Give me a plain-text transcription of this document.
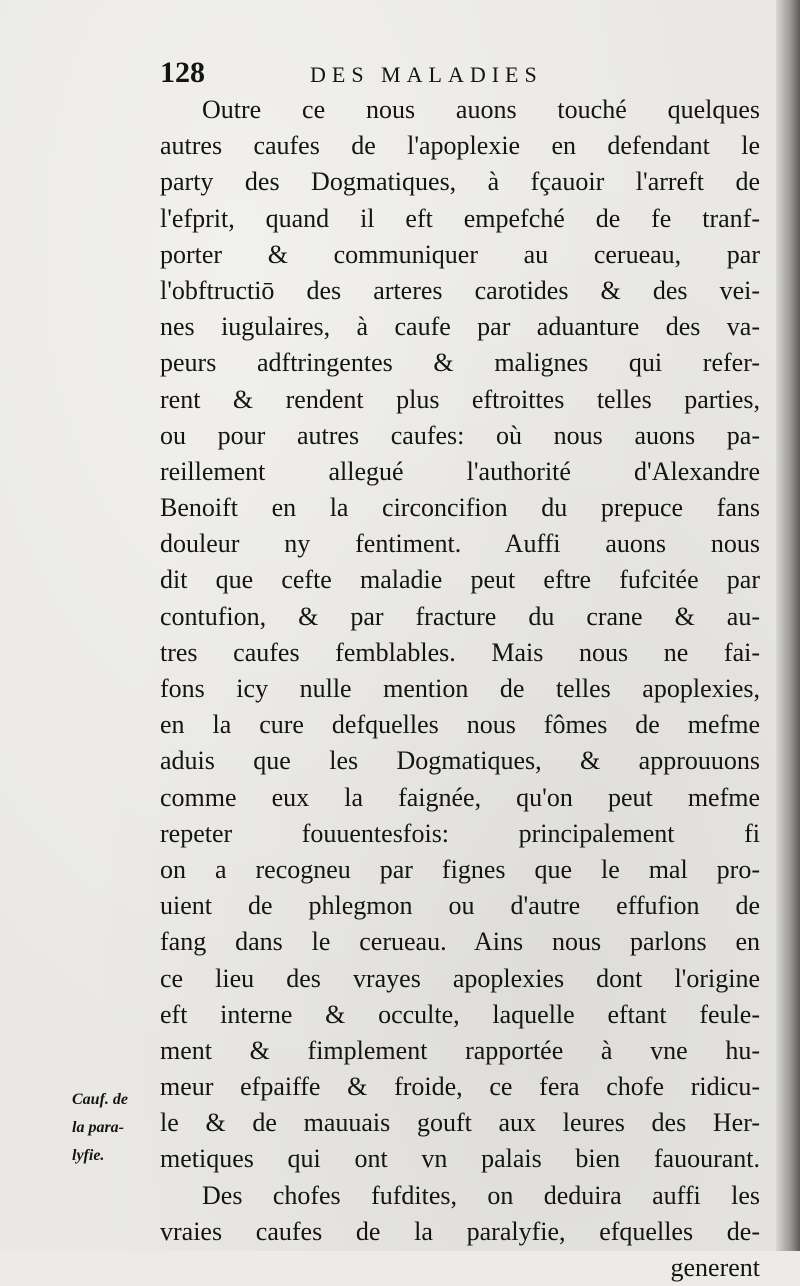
128	DES MALADIES
Outre ce nous auons touché quelques
autres caufes de l'apoplexie en defendant le
party des Dogmatiques, à fçauoir l'arreft de
l'efprit, quand il eft empefché de fe tranf-
porter & communiquer au cerueau, par
l'obftructiō des arteres carotides & des vei-
nes iugulaires, à caufe par aduanture des va-
peurs adftringentes & malignes qui refer-
rent & rendent plus eftroittes telles parties,
ou pour autres caufes: où nous auons pa-
reillement allegué l'authorité d'Alexandre
Benoift en la circoncifion du prepuce fans
douleur ny fentiment. Auffi auons nous
dit que cefte maladie peut eftre fufcitée par
contufion, & par fracture du crane & au-
tres caufes femblables. Mais nous ne fai-
fons icy nulle mention de telles apoplexies,
en la cure defquelles nous fômes de mefme
aduis que les Dogmatiques, & approuuons
comme eux la faignée, qu'on peut mefme
repeter fouuentesfois: principalement fi
on a recogneu par fignes que le mal pro-
uient de phlegmon ou d'autre effufion de
fang dans le cerueau. Ains nous parlons en
ce lieu des vrayes apoplexies dont l'origine
eft interne & occulte, laquelle eftant feule-
ment & fimplement rapportée à vne hu-
meur efpaiffe & froide, ce fera chofe ridicu-
le & de mauuais gouft aux leures des Her-
metiques qui ont vn palais bien fauourant.
Des chofes fufdites, on deduira auffi les
vraies caufes de la paralyfie, efquelles de-
generent
Cauf. de
la para-
lyfie.
